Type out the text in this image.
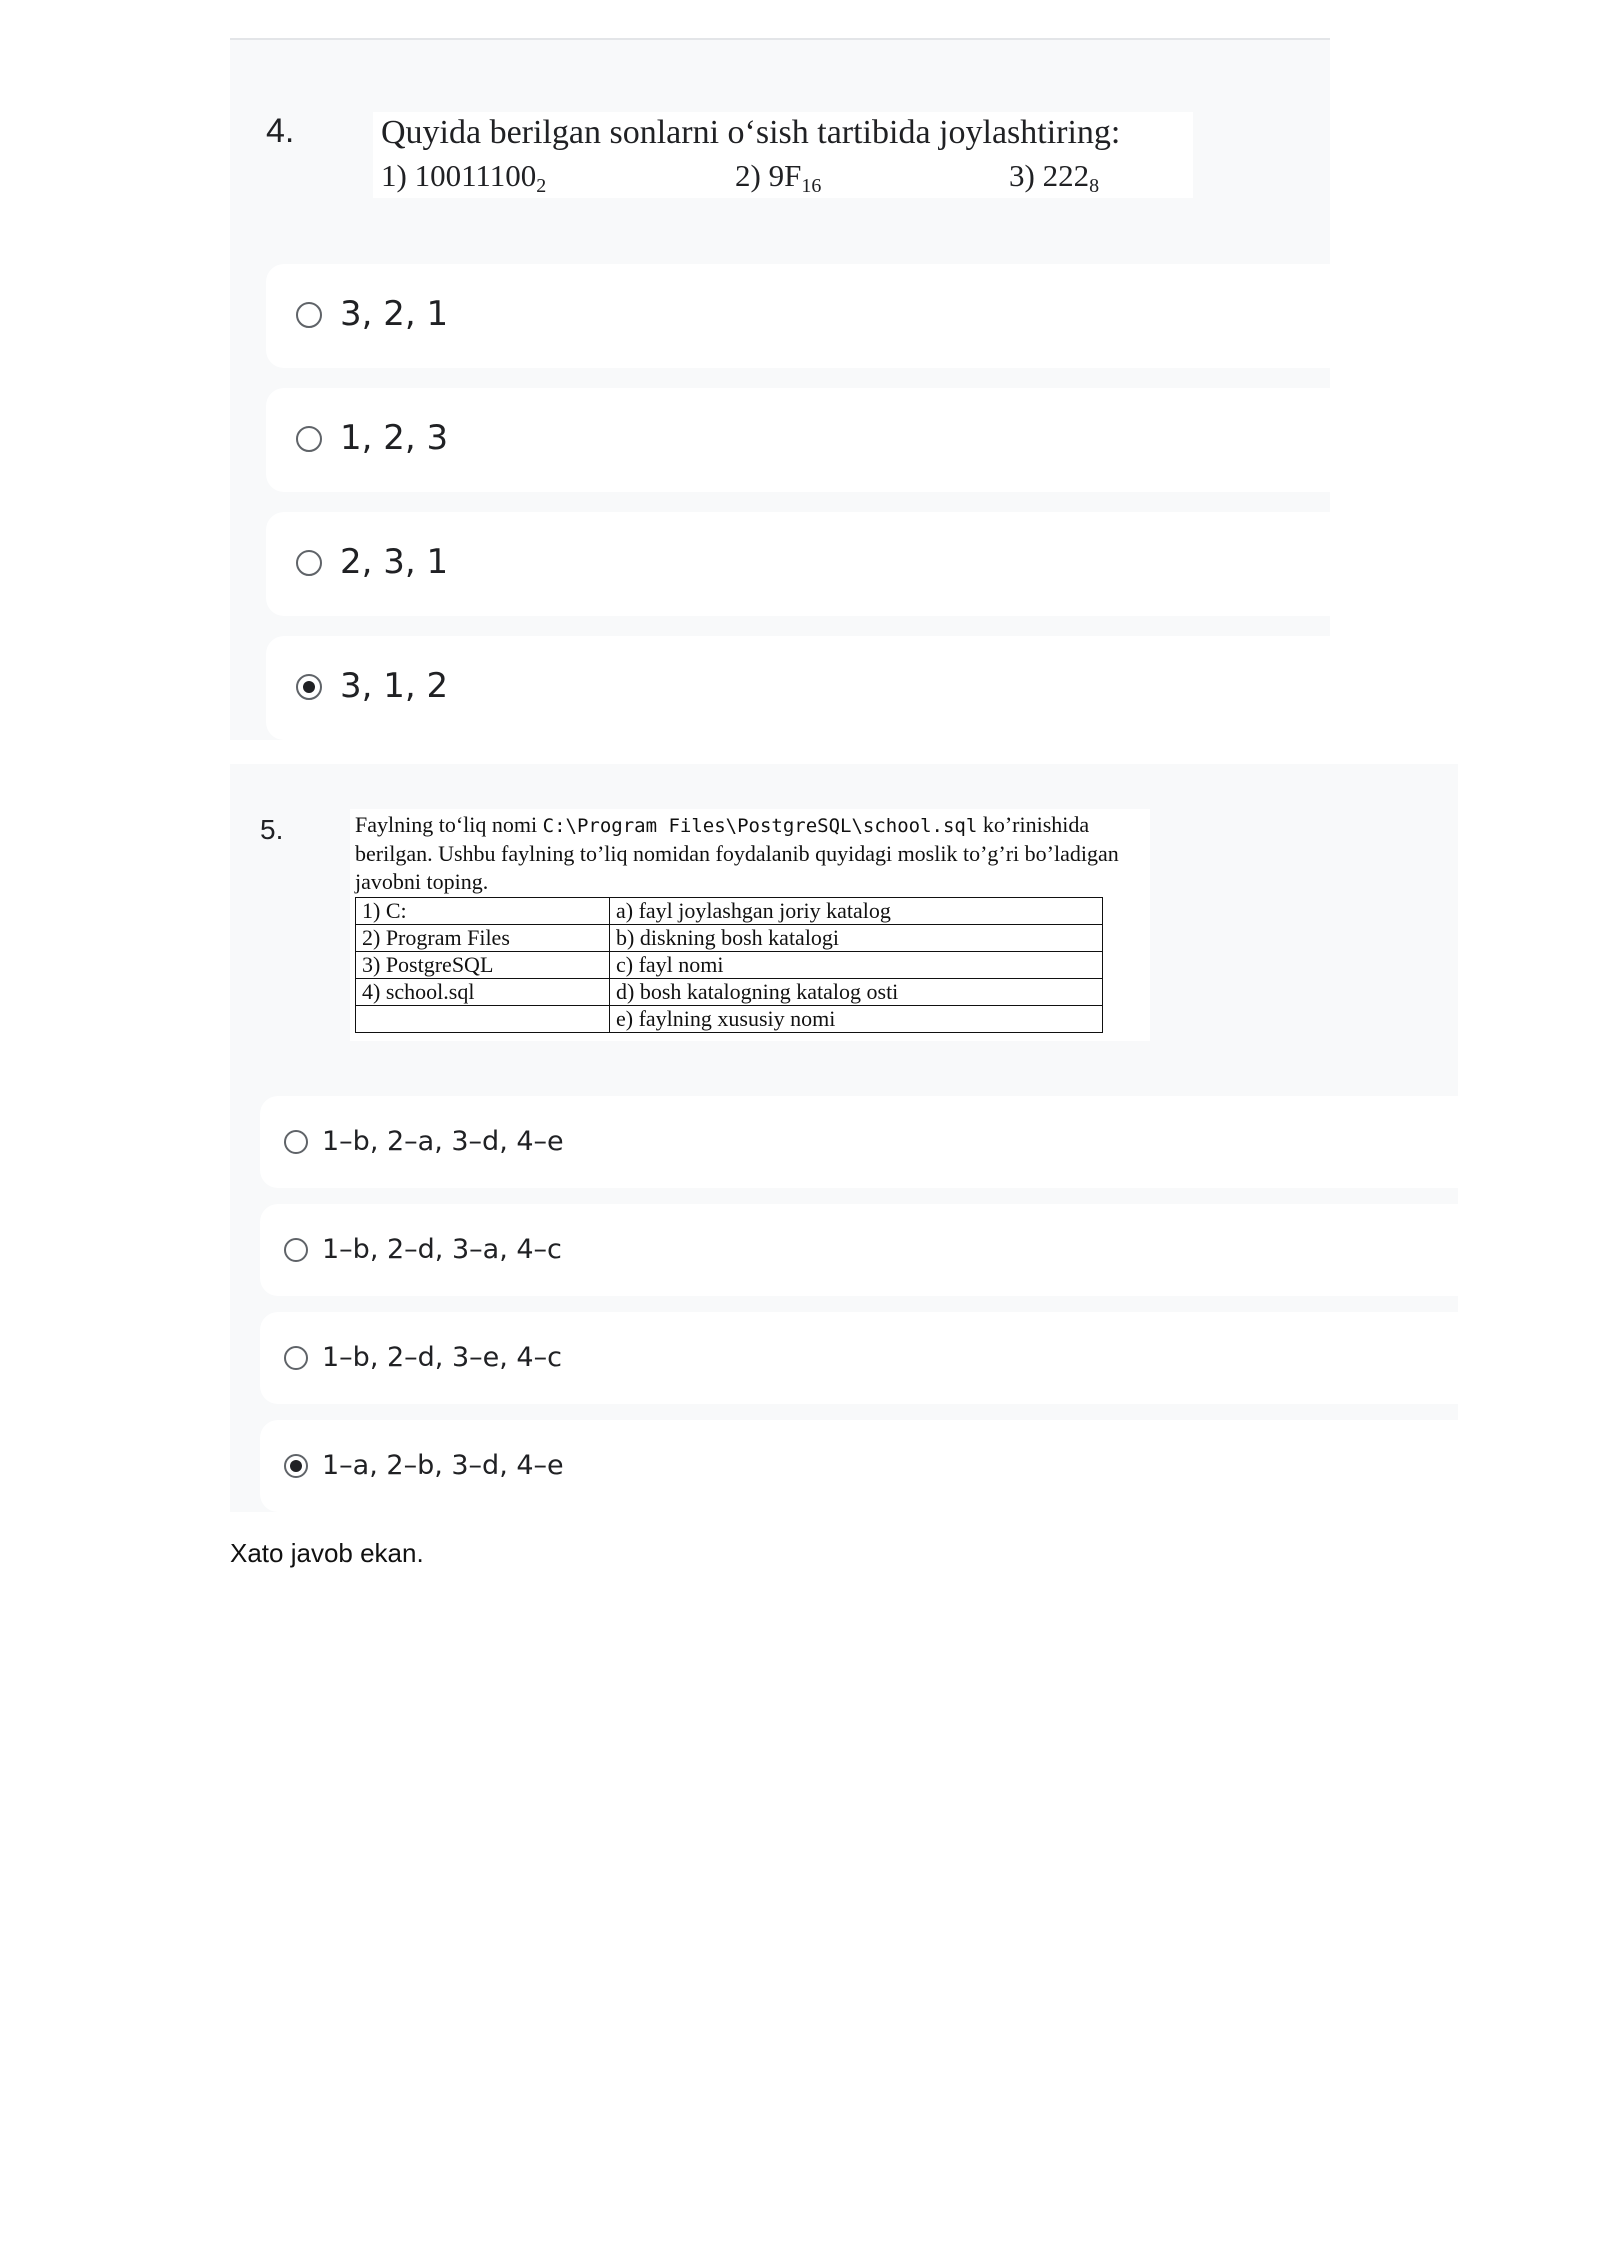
4.	Quyida berilgan sonlarni o‘sish tartibida joylashtiring:
1) $10011100_2$	2) $9F_{16}$	3) $222_8$
3, 2, 1
1, 2, 3
2, 3, 1
3, 1, 2
5.	Faylning to‘liq nomi C:\Program Files\PostgreSQL\school.sql ko’rinishida berilgan. Ushbu faylning to’liq nomidan foydalanib quyidagi moslik to’g’ri bo’ladigan javobni toping.
1) C:	a) fayl joylashgan joriy katalog
2) Program Files	b) diskning bosh katalogi
3) PostgreSQL	c) fayl nomi
4) school.sql	d) bosh katalogning katalog osti
	e) faylning xususiy nomi
1–b, 2–a, 3–d, 4–e
1–b, 2–d, 3–a, 4–c
1–b, 2–d, 3–e, 4–c
1–a, 2–b, 3–d, 4–e
Xato javob ekan.
